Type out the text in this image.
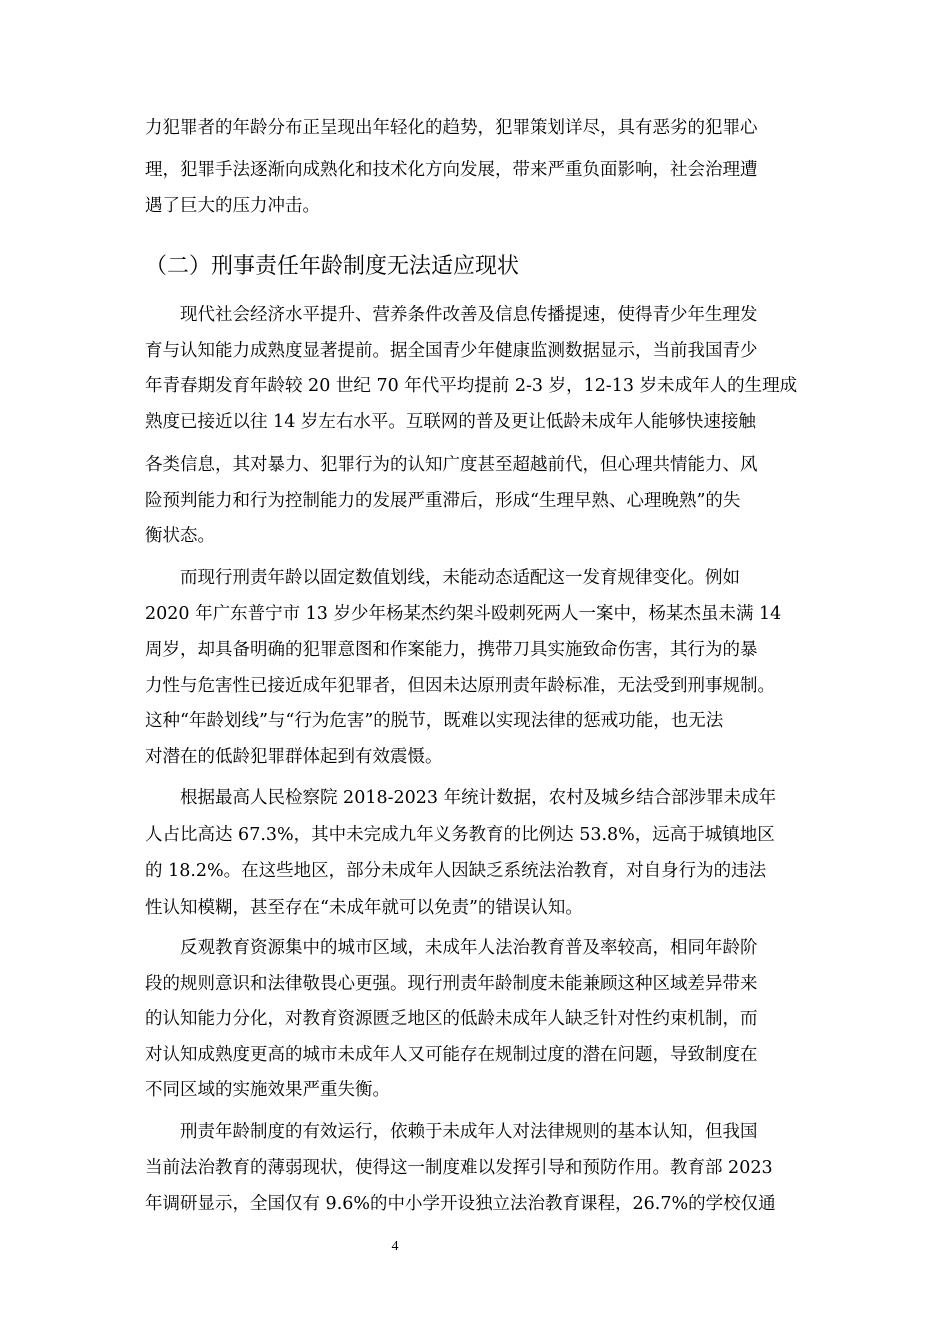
力犯罪者的年龄分布正呈现出年轻化的趋势，犯罪策划详尽，具有恶劣的犯罪心

理，犯罪手法逐渐向成熟化和技术化方向发展，带来严重负面影响，社会治理遭

遇了巨大的压力冲击。

（二）刑事责任年龄制度无法适应现状

现代社会经济水平提升、营养条件改善及信息传播提速，使得青少年生理发

育与认知能力成熟度显著提前。据全国青少年健康监测数据显示，当前我国青少

年青春期发育年龄较 20 世纪 70 年代平均提前 2-3 岁，12-13 岁未成年人的生理成

熟度已接近以往 14 岁左右水平。互联网的普及更让低龄未成年人能够快速接触

各类信息，其对暴力、犯罪行为的认知广度甚至超越前代，但心理共情能力、风

险预判能力和行为控制能力的发展严重滞后，形成“生理早熟、心理晚熟”的失

衡状态。

而现行刑责年龄以固定数值划线，未能动态适配这一发育规律变化。例如

2020 年广东普宁市 13 岁少年杨某杰约架斗殴刺死两人一案中，杨某杰虽未满 14

周岁，却具备明确的犯罪意图和作案能力，携带刀具实施致命伤害，其行为的暴

力性与危害性已接近成年犯罪者，但因未达原刑责年龄标准，无法受到刑事规制。

这种“年龄划线”与“行为危害”的脱节，既难以实现法律的惩戒功能，也无法

对潜在的低龄犯罪群体起到有效震慑。

根据最高人民检察院 2018-2023 年统计数据，农村及城乡结合部涉罪未成年

人占比高达 67.3%，其中未完成九年义务教育的比例达 53.8%，远高于城镇地区

的 18.2%。在这些地区，部分未成年人因缺乏系统法治教育，对自身行为的违法

性认知模糊，甚至存在“未成年就可以免责”的错误认知。

反观教育资源集中的城市区域，未成年人法治教育普及率较高，相同年龄阶

段的规则意识和法律敬畏心更强。现行刑责年龄制度未能兼顾这种区域差异带来

的认知能力分化，对教育资源匮乏地区的低龄未成年人缺乏针对性约束机制，而

对认知成熟度更高的城市未成年人又可能存在规制过度的潜在问题，导致制度在

不同区域的实施效果严重失衡。

刑责年龄制度的有效运行，依赖于未成年人对法律规则的基本认知，但我国

当前法治教育的薄弱现状，使得这一制度难以发挥引导和预防作用。教育部 2023

年调研显示，全国仅有 9.6%的中小学开设独立法治教育课程，26.7%的学校仅通

4
